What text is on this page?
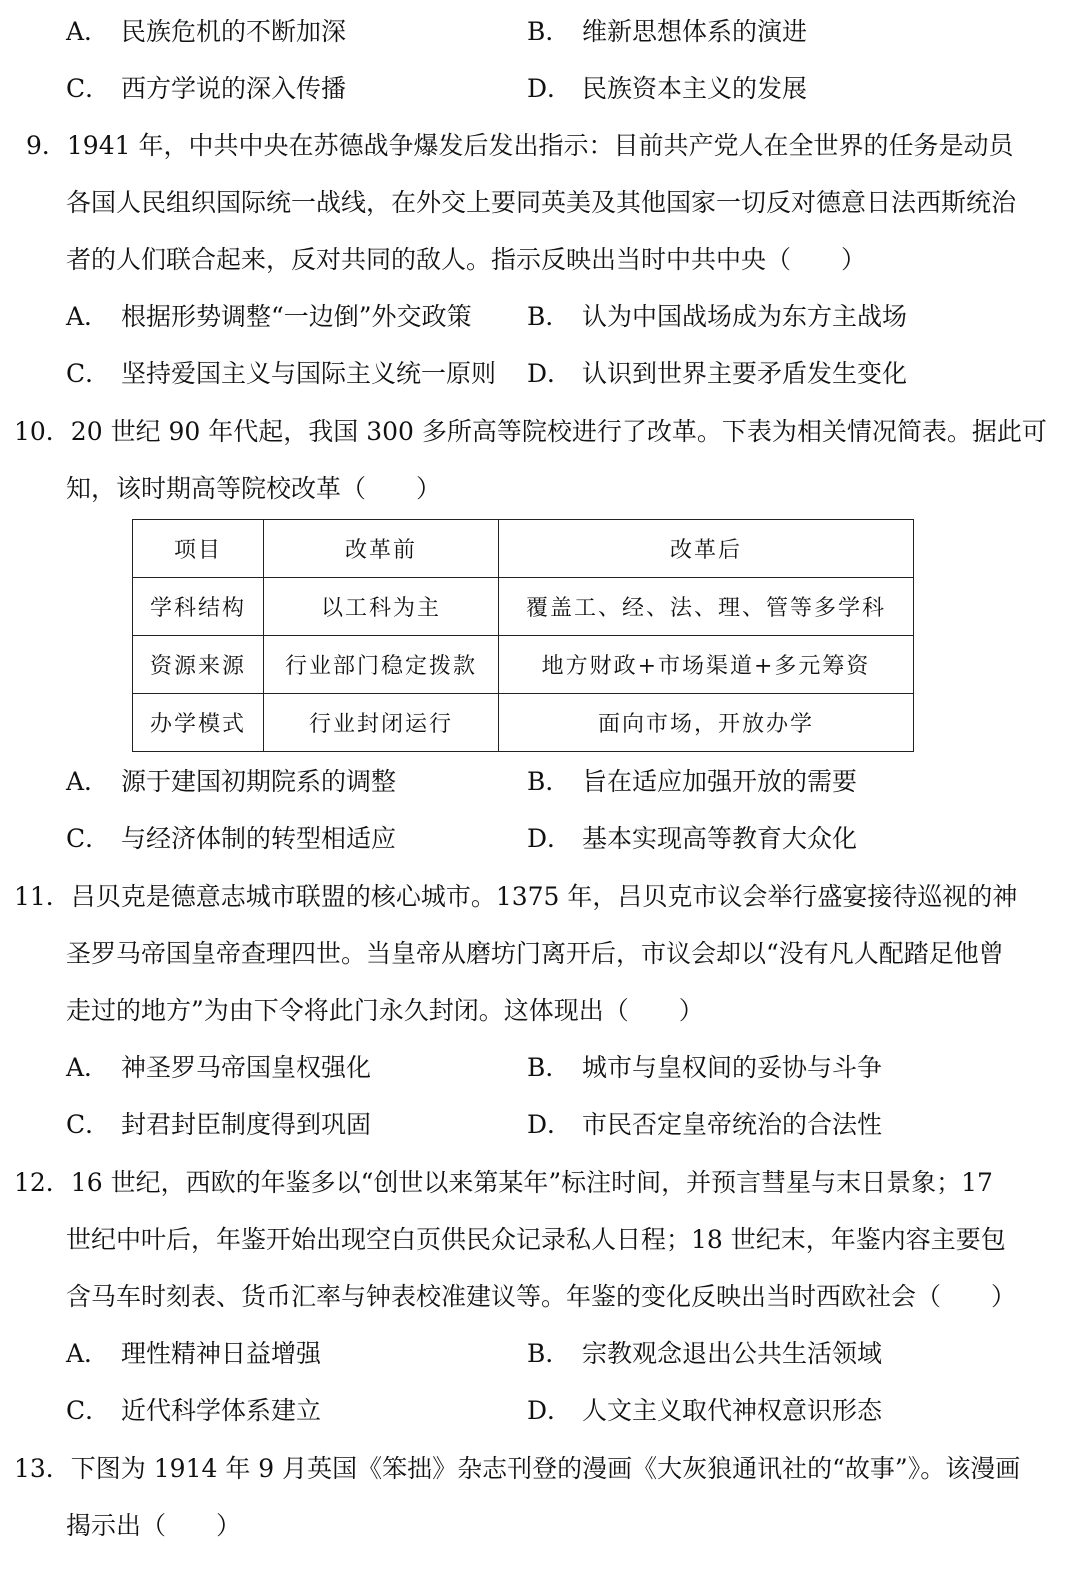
A． 民族危机的不断加深	B． 维新思想体系的演进
C． 西方学说的深入传播	D． 民族资本主义的发展
9．1941 年，中共中央在苏德战争爆发后发出指示：目前共产党人在全世界的任务是动员
各国人民组织国际统一战线，在外交上要同英美及其他国家一切反对德意日法西斯统治
者的人们联合起来，反对共同的敌人。指示反映出当时中共中央（　　）
A． 根据形势调整“一边倒”外交政策 B． 认为中国战场成为东方主战场
C． 坚持爱国主义与国际主义统一原则 D． 认识到世界主要矛盾发生变化
10．20 世纪 90 年代起，我国 300 多所高等院校进行了改革。下表为相关情况简表。据此可
知，该时期高等院校改革（　　）
项目	改革前	改革后
学科结构	以工科为主	覆盖工、经、法、理、管等多学科
资源来源	行业部门稳定拨款	地方财政+市场渠道+多元筹资
办学模式	行业封闭运行	面向市场，开放办学
A． 源于建国初期院系的调整	B． 旨在适应加强开放的需要
C． 与经济体制的转型相适应	D． 基本实现高等教育大众化
11．吕贝克是德意志城市联盟的核心城市。1375 年，吕贝克市议会举行盛宴接待巡视的神
圣罗马帝国皇帝查理四世。当皇帝从磨坊门离开后，市议会却以“没有凡人配踏足他曾
走过的地方”为由下令将此门永久封闭。这体现出（　　）
A． 神圣罗马帝国皇权强化	B． 城市与皇权间的妥协与斗争
C． 封君封臣制度得到巩固	D． 市民否定皇帝统治的合法性
12．16 世纪，西欧的年鉴多以“创世以来第某年”标注时间，并预言彗星与末日景象；17
世纪中叶后，年鉴开始出现空白页供民众记录私人日程；18 世纪末，年鉴内容主要包
含马车时刻表、货币汇率与钟表校准建议等。年鉴的变化反映出当时西欧社会（　　）
A． 理性精神日益增强	B． 宗教观念退出公共生活领域
C． 近代科学体系建立	D． 人文主义取代神权意识形态
13．下图为 1914 年 9 月英国《笨拙》杂志刊登的漫画《大灰狼通讯社的“故事”》。该漫画
揭示出（　　）
